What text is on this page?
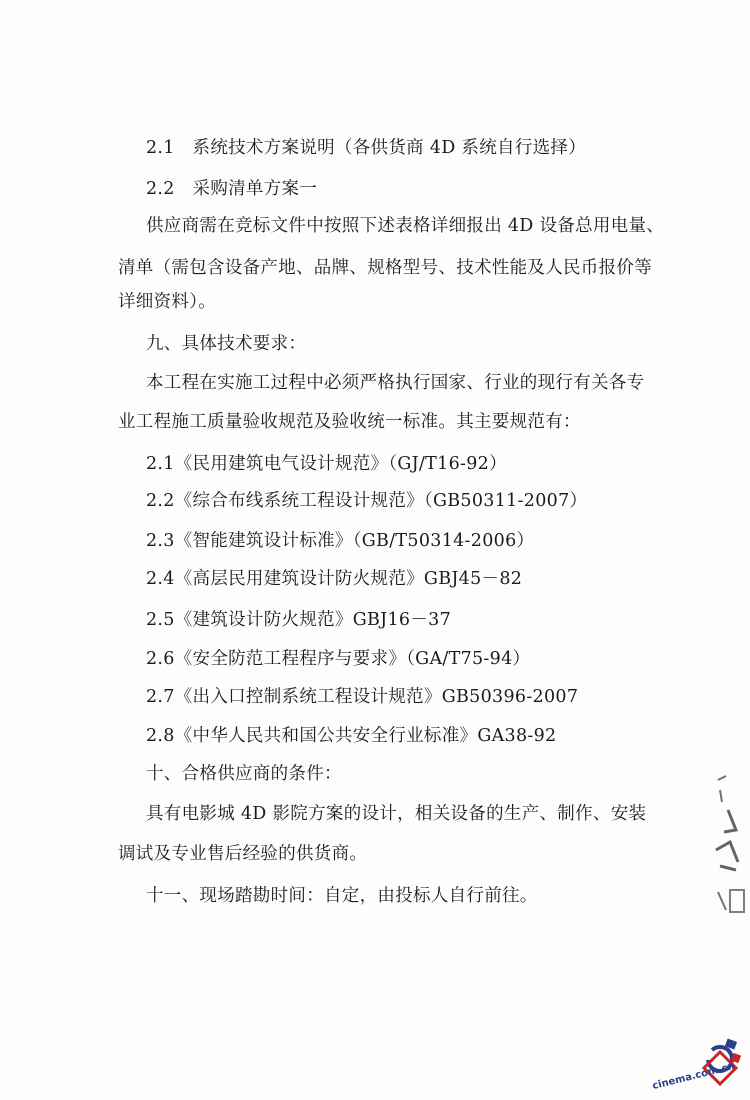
2.1　系统技术方案说明（各供货商 4D 系统自行选择）
2.2　采购清单方案一
供应商需在竞标文件中按照下述表格详细报出 4D 设备总用电量、
清单（需包含设备产地、品牌、规格型号、技术性能及人民币报价等
详细资料）。
九、具体技术要求：
本工程在实施工过程中必须严格执行国家、行业的现行有关各专
业工程施工质量验收规范及验收统一标准。其主要规范有：
2.1《民用建筑电气设计规范》（GJ/T16-92）
2.2《综合布线系统工程设计规范》（GB50311-2007）
2.3《智能建筑设计标准》（GB/T50314-2006）
2.4《高层民用建筑设计防火规范》GBJ45－82
2.5《建筑设计防火规范》GBJ16－37
2.6《安全防范工程程序与要求》（GA/T75-94）
2.7《出入口控制系统工程设计规范》GB50396-2007
2.8《中华人民共和国公共安全行业标准》GA38-92
十、合格供应商的条件：
具有电影城 4D 影院方案的设计，相关设备的生产、制作、安装
调试及专业售后经验的供货商。
十一、现场踏勘时间：自定，由投标人自行前往。
cinema.com.cn
